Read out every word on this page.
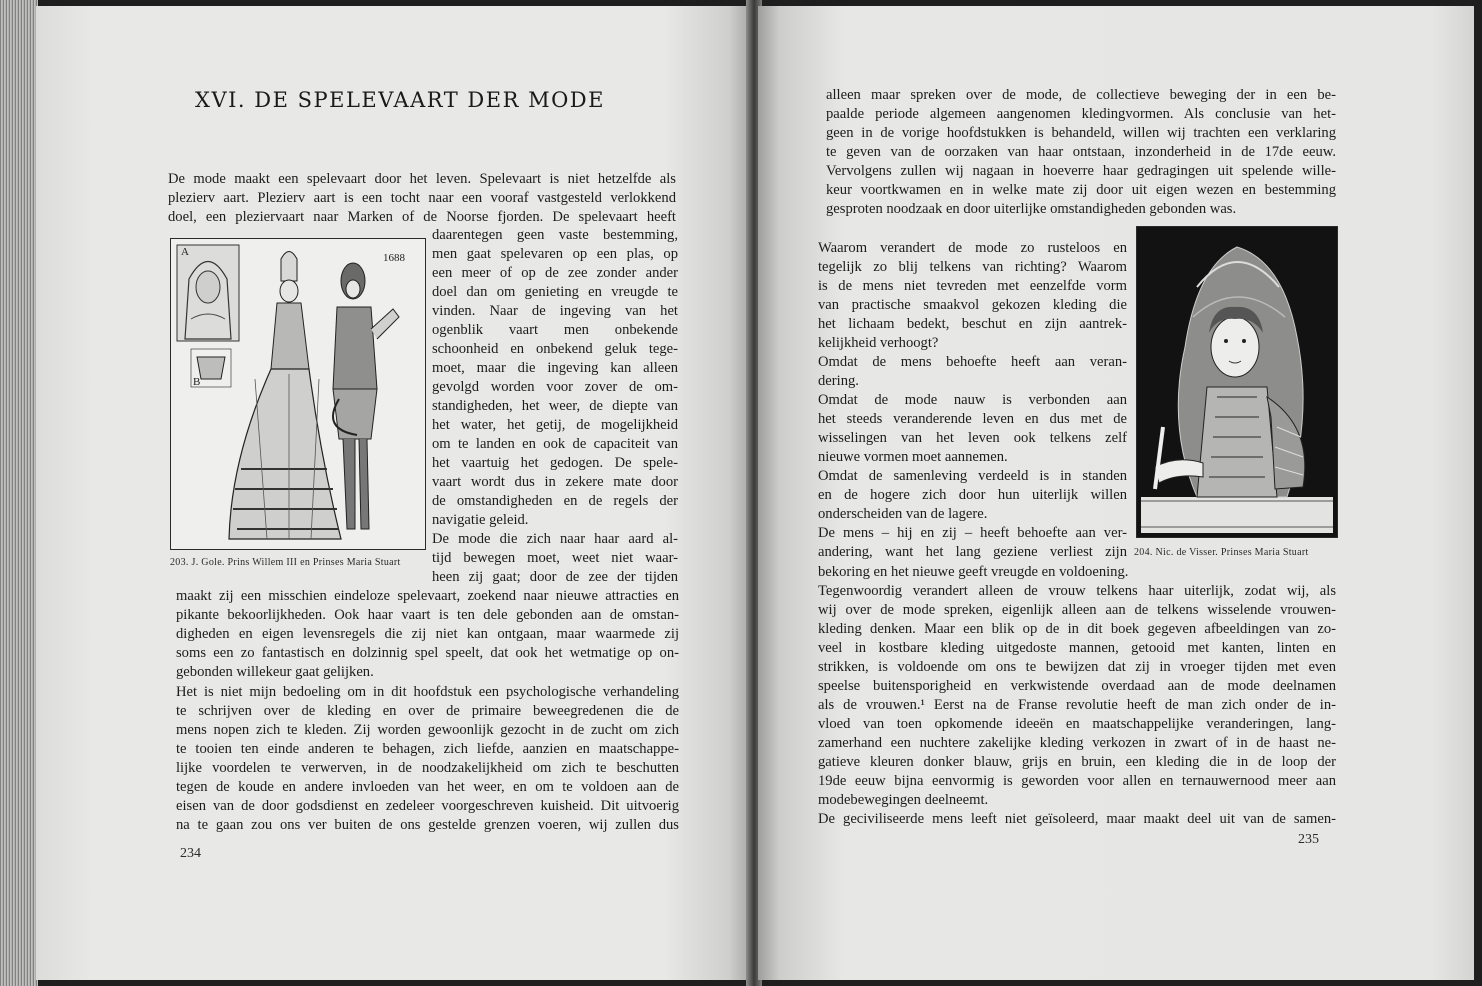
XVI. DE SPELEVAART DER MODE
De mode maakt een spelevaart door het leven. Spelevaart is niet hetzelfde als
plezierv aart. Plezierv aart is een tocht naar een vooraf vastgesteld verlokkend
doel, een pleziervaart naar Marken of de Noorse fjorden. De spelevaart heeft
1688
A
B
203. J. Gole. Prins Willem III en Prinses Maria Stuart
daarentegen geen vaste bestemming,
men gaat spelevaren op een plas, op
een meer of op de zee zonder ander
doel dan om genieting en vreugde te
vinden. Naar de ingeving van het
ogenblik vaart men onbekende
schoonheid en onbekend geluk tege-
moet, maar die ingeving kan alleen
gevolgd worden voor zover de om-
standigheden, het weer, de diepte van
het water, het getij, de mogelijkheid
om te landen en ook de capaciteit van
het vaartuig het gedogen. De spele-
vaart wordt dus in zekere mate door
de omstandigheden en de regels der
navigatie geleid.
De mode die zich naar haar aard al-
tijd bewegen moet, weet niet waar-
heen zij gaat; door de zee der tijden
maakt zij een misschien eindeloze spelevaart, zoekend naar nieuwe attracties en
pikante bekoorlijkheden. Ook haar vaart is ten dele gebonden aan de omstan-
digheden en eigen levensregels die zij niet kan ontgaan, maar waarmede zij
soms een zo fantastisch en dolzinnig spel speelt, dat ook het wetmatige op on-
gebonden willekeur gaat gelijken.
Het is niet mijn bedoeling om in dit hoofdstuk een psychologische verhandeling
te schrijven over de kleding en over de primaire beweegredenen die de
mens nopen zich te kleden. Zij worden gewoonlijk gezocht in de zucht om zich
te tooien ten einde anderen te behagen, zich liefde, aanzien en maatschappe-
lijke voordelen te verwerven, in de noodzakelijkheid om zich te beschutten
tegen de koude en andere invloeden van het weer, en om te voldoen aan de
eisen van de door godsdienst en zedeleer voorgeschreven kuisheid. Dit uitvoerig
na te gaan zou ons ver buiten de ons gestelde grenzen voeren, wij zullen dus
234
alleen maar spreken over de mode, de collectieve beweging der in een be-
paalde periode algemeen aangenomen kledingvormen. Als conclusie van het-
geen in de vorige hoofdstukken is behandeld, willen wij trachten een verklaring
te geven van de oorzaken van haar ontstaan, inzonderheid in de 17de eeuw.
Vervolgens zullen wij nagaan in hoeverre haar gedragingen uit spelende wille-
keur voortkwamen en in welke mate zij door uit eigen wezen en bestemming
gesproten noodzaak en door uiterlijke omstandigheden gebonden was.
Waarom verandert de mode zo rusteloos en
tegelijk zo blij telkens van richting? Waarom
is de mens niet tevreden met eenzelfde vorm
van practische smaakvol gekozen kleding die
het lichaam bedekt, beschut en zijn aantrek-
kelijkheid verhoogt?
Omdat de mens behoefte heeft aan veran-
dering.
Omdat de mode nauw is verbonden aan
het steeds veranderende leven en dus met de
wisselingen van het leven ook telkens zelf
nieuwe vormen moet aannemen.
Omdat de samenleving verdeeld is in standen
en de hogere zich door hun uiterlijk willen
onderscheiden van de lagere.
De mens – hij en zij – heeft behoefte aan ver-
andering, want het lang geziene verliest zijn 204. Nic. de Visser. Prinses Maria Stuart
bekoring en het nieuwe geeft vreugde en voldoening.
Tegenwoordig verandert alleen de vrouw telkens haar uiterlijk, zodat wij, als
wij over de mode spreken, eigenlijk alleen aan de telkens wisselende vrouwen-
kleding denken. Maar een blik op de in dit boek gegeven afbeeldingen van zo-
veel in kostbare kleding uitgedoste mannen, getooid met kanten, linten en
strikken, is voldoende om ons te bewijzen dat zij in vroeger tijden met even
speelse buitensporigheid en verkwistende overdaad aan de mode deelnamen
als de vrouwen.¹ Eerst na de Franse revolutie heeft de man zich onder de in-
vloed van toen opkomende ideeën en maatschappelijke veranderingen, lang-
zamerhand een nuchtere zakelijke kleding verkozen in zwart of in de haast ne-
gatieve kleuren donker blauw, grijs en bruin, een kleding die in de loop der
19de eeuw bijna eenvormig is geworden voor allen en ternauwernood meer aan
modebewegingen deelneemt.
De geciviliseerde mens leeft niet geïsoleerd, maar maakt deel uit van de samen-
235
